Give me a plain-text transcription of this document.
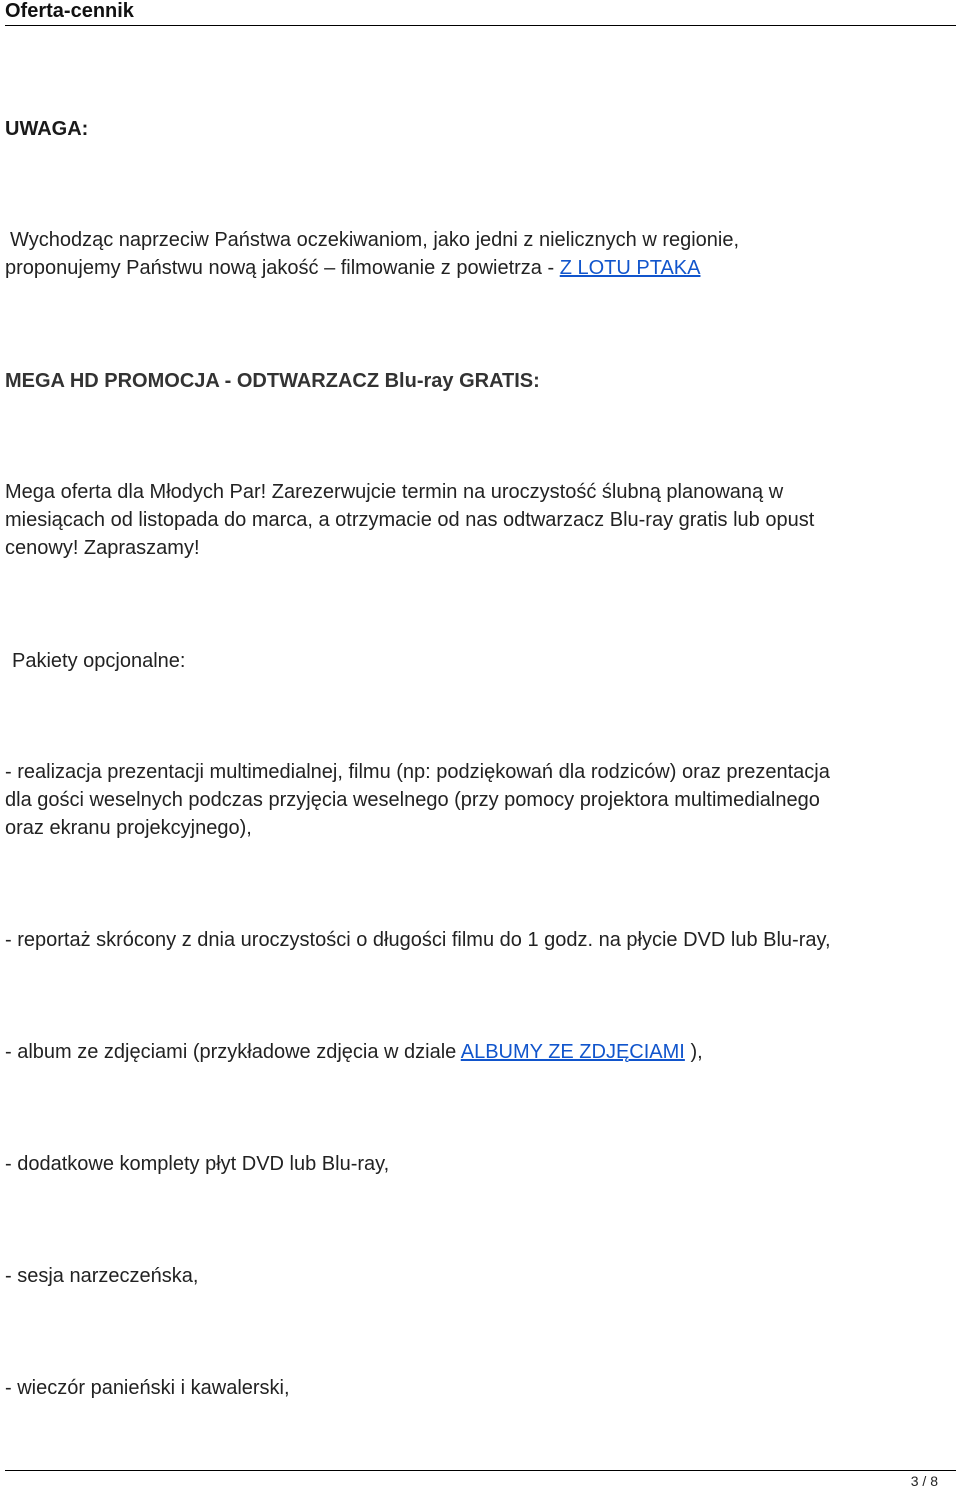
Oferta-cennik
UWAGA:
Wychodząc naprzeciw Państwa oczekiwaniom, jako jedni z nielicznych w regionie,
proponujemy Państwu nową jakość – filmowanie z powietrza - Z LOTU PTAKA
MEGA HD PROMOCJA - ODTWARZACZ Blu-ray GRATIS:
Mega oferta dla Młodych Par! Zarezerwujcie termin na uroczystość ślubną planowaną w
miesiącach od listopada do marca, a otrzymacie od nas odtwarzacz Blu-ray gratis lub opust
cenowy! Zapraszamy!
Pakiety opcjonalne:
- realizacja prezentacji multimedialnej, filmu (np: podziękowań dla rodziców) oraz prezentacja
dla gości weselnych podczas przyjęcia weselnego (przy pomocy projektora multimedialnego
oraz ekranu projekcyjnego),
- reportaż skrócony z dnia uroczystości o długości filmu do 1 godz. na płycie DVD lub Blu-ray,
- album ze zdjęciami (przykładowe zdjęcia w dziale ALBUMY ZE ZDJĘCIAMI ),
- dodatkowe komplety płyt DVD lub Blu-ray,
- sesja narzeczeńska,
- wieczór panieński i kawalerski,
3 / 8
